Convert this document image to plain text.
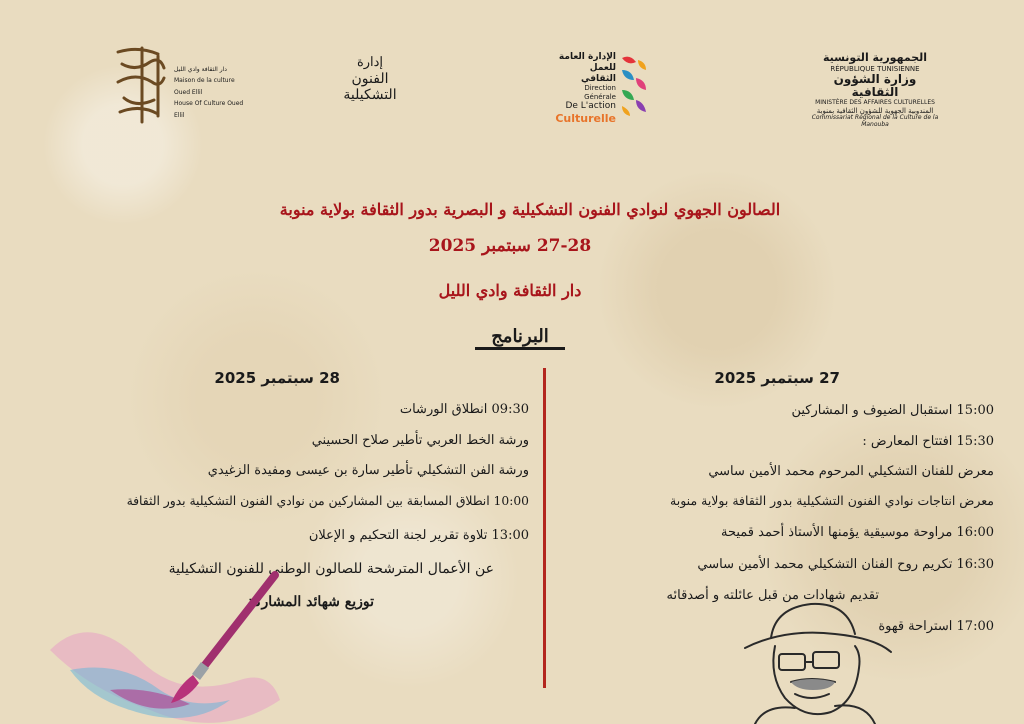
الجمهورية التونسية
RÉPUBLIQUE TUNISIENNE
وزارة الشؤون الثقافية
MINISTÈRE DES AFFAIRES CULTURELLES
المندوبية الجهوية للشؤون الثقافية بمنوبة
Commissariat Régional de la Culture de la Manouba
الإدارة العامة
للعمل الثقافي
Direction Générale
De L'action
Culturelle
إدارة
الفنون
التشكيلية
دار الثقافة وادي الليل
Maison de la culture Oued Ellil
House Of Culture Oued Ellil
الصالون الجهوي لنوادي الفنون التشكيلية و البصرية بدور الثقافة بولاية منوبة
27-28 سبتمبر 2025
دار الثقافة وادي الليل
البرنامج
27 سبتمبر 2025
15:00 استقبال الضيوف و المشاركين
15:30 افتتاح المعارض :
معرض للفنان التشكيلي المرحوم محمد الأمين ساسي
معرض انتاجات نوادي الفنون التشكيلية بدور الثقافة بولاية منوبة
16:00 مراوحة موسيقية يؤمنها الأستاذ أحمد قميحة
16:30 تكريم روح الفنان التشكيلي محمد الأمين ساسي
تقديم شهادات من قبل عائلته و أصدقائه
17:00 استراحة قهوة
28 سبتمبر 2025
09:30 انطلاق الورشات
ورشة الخط العربي تأطير صلاح الحسيني
ورشة الفن التشكيلي تأطير سارة بن عيسى ومفيدة الزغيدي
10:00 انطلاق المسابقة بين المشاركين من نوادي الفنون التشكيلية بدور الثقافة
13:00 تلاوة تقرير لجنة التحكيم و الإعلان
عن الأعمال المترشحة للصالون الوطني للفنون التشكيلية
توزيع شهائد المشاركة
